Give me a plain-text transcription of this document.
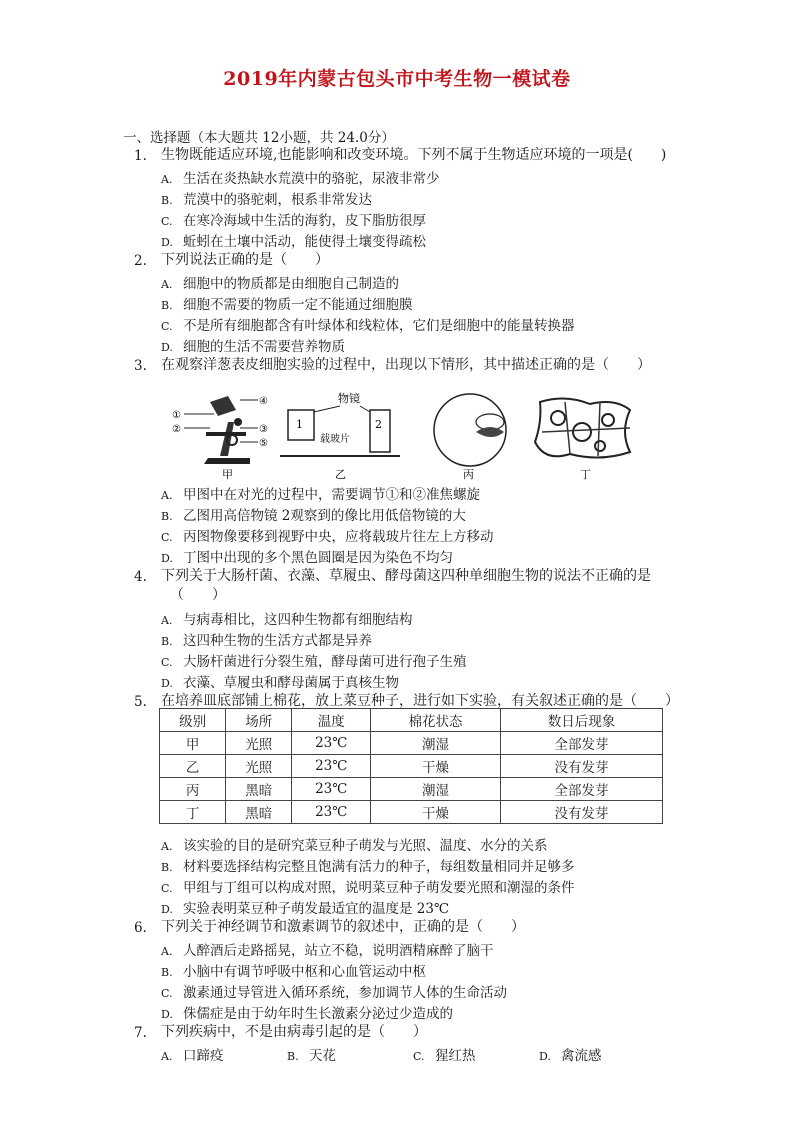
2019年内蒙古包头市中考生物一模试卷
一、选择题（本大题共 12小题，共 24.0分）
1. 生物既能适应环境,也能影响和改变环境。下列不属于生物适应环境的一项是(　　)
A. 生活在炎热缺水荒漠中的骆驼，尿液非常少
B. 荒漠中的骆驼刺，根系非常发达
C. 在寒冷海域中生活的海豹，皮下脂肪很厚
D. 蚯蚓在土壤中活动，能使得土壤变得疏松
2. 下列说法正确的是（　　）
A. 细胞中的物质都是由细胞自己制造的
B. 细胞不需要的物质一定不能通过细胞膜
C. 不是所有细胞都含有叶绿体和线粒体，它们是细胞中的能量转换器
D. 细胞的生活不需要营养物质
3. 在观察洋葱表皮细胞实验的过程中，出现以下情形，其中描述正确的是（　　）
①
②	③
④
⑤
甲
物镜
1	2
载玻片
乙	丙	丁
A. 甲图中在对光的过程中，需要调节①和②准焦螺旋
B. 乙图用高倍物镜 2观察到的像比用低倍物镜的大
C. 丙图物像要移到视野中央，应将载玻片往左上方移动
D. 丁图中出现的多个黑色圆圈是因为染色不均匀
4. 下列关于大肠杆菌、衣藻、草履虫、酵母菌这四种单细胞生物的说法不正确的是
（　　）
A. 与病毒相比，这四种生物都有细胞结构
B. 这四种生物的生活方式都是异养
C. 大肠杆菌进行分裂生殖，酵母菌可进行孢子生殖
D. 衣藻、草履虫和酵母菌属于真核生物
5. 在培养皿底部铺上棉花，放上菜豆种子，进行如下实验，有关叙述正确的是（　　）
级别	场所	温度	棉花状态	数日后现象
甲	光照	23℃	潮湿	全部发芽
乙	光照	23℃	干燥	没有发芽
丙	黑暗	23℃	潮湿	全部发芽
丁	黑暗	23℃	干燥	没有发芽
A. 该实验的目的是研究菜豆种子萌发与光照、温度、水分的关系
B. 材料要选择结构完整且饱满有活力的种子，每组数量相同并足够多
C. 甲组与丁组可以构成对照，说明菜豆种子萌发要光照和潮湿的条件
D. 实验表明菜豆种子萌发最适宜的温度是 23℃
6. 下列关于神经调节和激素调节的叙述中，正确的是（　　）
A. 人醉酒后走路摇晃，站立不稳，说明酒精麻醉了脑干
B. 小脑中有调节呼吸中枢和心血管运动中枢
C. 激素通过导管进入循环系统，参加调节人体的生命活动
D. 侏儒症是由于幼年时生长激素分泌过少造成的
7. 下列疾病中，不是由病毒引起的是（　　）
A. 口蹄疫	B. 天花	C. 猩红热	D. 禽流感
